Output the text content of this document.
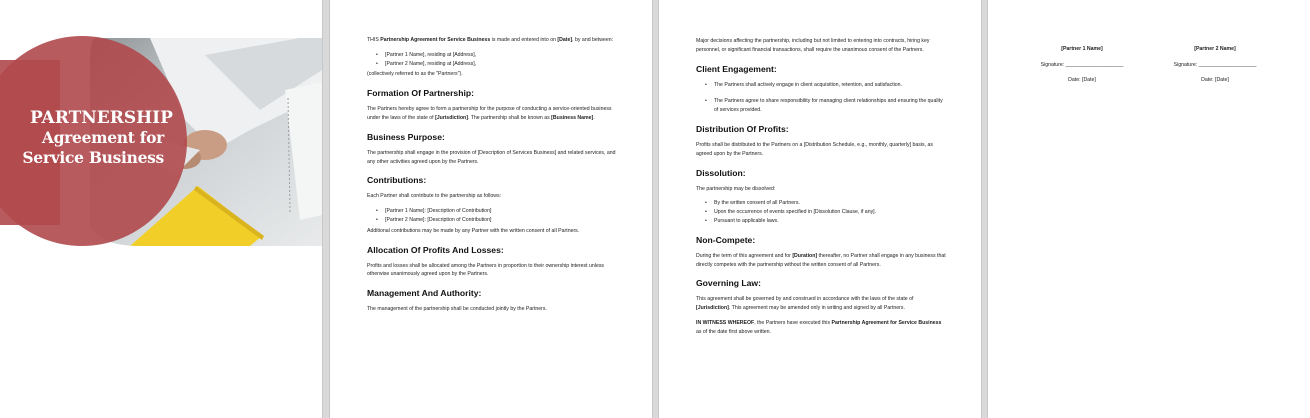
PARTNERSHIP
Agreement for
Service Business

THIS Partnership Agreement for Service Business is made and entered into on [Date], by and between:

• [Partner 1 Name], residing at [Address],
• [Partner 2 Name], residing at [Address],

(collectively referred to as the "Partners").

Formation Of Partnership:

The Partners hereby agree to form a partnership for the purpose of conducting a service-oriented business under the laws of the state of [Jurisdiction]. The partnership shall be known as [Business Name].

Business Purpose:

The partnership shall engage in the provision of [Description of Services Business] and related services, and any other activities agreed upon by the Partners.

Contributions:

Each Partner shall contribute to the partnership as follows:

• [Partner 1 Name]: [Description of Contribution]
• [Partner 2 Name]: [Description of Contribution]

Additional contributions may be made by any Partner with the written consent of all Partners.

Allocation Of Profits And Losses:

Profits and losses shall be allocated among the Partners in proportion to their ownership interest unless otherwise unanimously agreed upon by the Partners.

Management And Authority:

The management of the partnership shall be conducted jointly by the Partners.

Major decisions affecting the partnership, including but not limited to entering into contracts, hiring key personnel, or significant financial transactions, shall require the unanimous consent of the Partners.

Client Engagement:
• The Partners shall actively engage in client acquisition, retention, and satisfaction.
• The Partners agree to share responsibility for managing client relationships and ensuring the quality of services provided.
Distribution Of Profits:

Profits shall be distributed to the Partners on a [Distribution Schedule, e.g., monthly, quarterly] basis, as agreed upon by the Partners.

Dissolution:

The partnership may be dissolved:

• By the written consent of all Partners.
• Upon the occurrence of events specified in [Dissolution Clause, if any].
• Pursuant to applicable laws.
Non-Compete:

During the term of this agreement and for [Duration] thereafter, no Partner shall engage in any business that directly competes with the partnership without the written consent of all Partners.

Governing Law:

This agreement shall be governed by and construed in accordance with the laws of the state of [Jurisdiction]. This agreement may be amended only in writing and signed by all Partners.

IN WITNESS WHEREOF, the Partners have executed this Partnership Agreement for Service Business as of the date first above written.

[Partner 1 Name]
Signature: ____________________
Date: [Date]
[Partner 2 Name]
Signature: ____________________
Date: [Date]
